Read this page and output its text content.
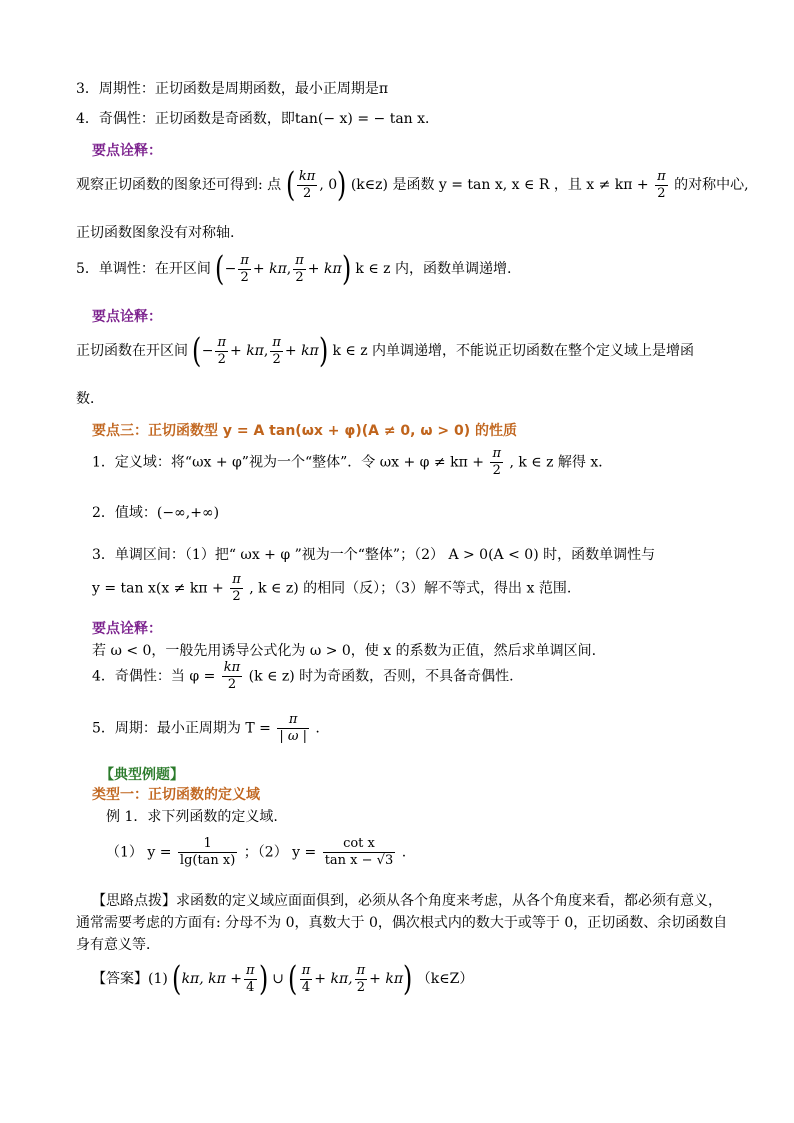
3．周期性：正切函数是周期函数，最小正周期是π
4．奇偶性：正切函数是奇函数，即tan(− x) = − tan x．
要点诠释：
观察正切函数的图象还可得到: 点 ( $\frac{k\pi}{2}$ , 0) (k∈z) 是函数 y = tan x, x ∈ R ，且 $x \ne k\pi + \frac{\pi}{2}$ 的对称中心,
正切函数图象没有对称轴.
5．单调性：在开区间 (− $\frac{\pi}{2} + k\pi$, $\frac{\pi}{2} + k\pi$) k ∈ z 内，函数单调递增.
要点诠释：
正切函数在开区间 (− $\frac{\pi}{2} + k\pi$, $\frac{\pi}{2} + k\pi$) k ∈ z 内单调递增，不能说正切函数在整个定义域上是增函
数．
要点三：正切函数型 y = A tan(ωx + φ)(A ≠ 0, ω > 0) 的性质
1．定义域：将“ωx + φ”视为一个“整体”．令 $\omega x + \varphi \ne k\pi + \frac{\pi}{2}$ , k ∈ z 解得 x．
2．值域：(−∞,+∞)
3．单调区间：（1）把“ ωx + φ ”视为一个“整体”；（2） A > 0(A < 0) 时，函数单调性与
$y = \tan x(x \ne k\pi + \frac{\pi}{2}$ , k ∈ z) 的相同（反）；（3）解不等式，得出 x 范围.
要点诠释：
若 ω < 0，一般先用诱导公式化为 ω > 0，使 x 的系数为正值，然后求单调区间.
4．奇偶性：当 $\varphi = \frac{k\pi}{2} (k$ ∈ z) 时为奇函数，否则，不具备奇偶性.
5．周期：最小正周期为 $T = \frac{\pi}{| \omega |}$ .
【典型例题】
类型一：正切函数的定义域
例 1．求下列函数的定义域.
（1） $y = \frac{1}{\text{lg(tan x)}}$ ；（2） $y = \frac{\text{cot x}}{\text{tan x − √3}}$ .
【思路点拨】求函数的定义域应面面俱到，必须从各个角度来考虑，从各个角度来看，都必须有意义，
通常需要考虑的方面有: 分母不为 0，真数大于 0，偶次根式内的数大于或等于 0，正切函数、余切函数自
身有意义等．
【答案】(1) (kπ, $k\pi + \frac{\pi}{4}$ ) ∪ ( $\frac{\pi}{4} + k\pi$, $\frac{\pi}{2} + k\pi$) （k∈Z）
